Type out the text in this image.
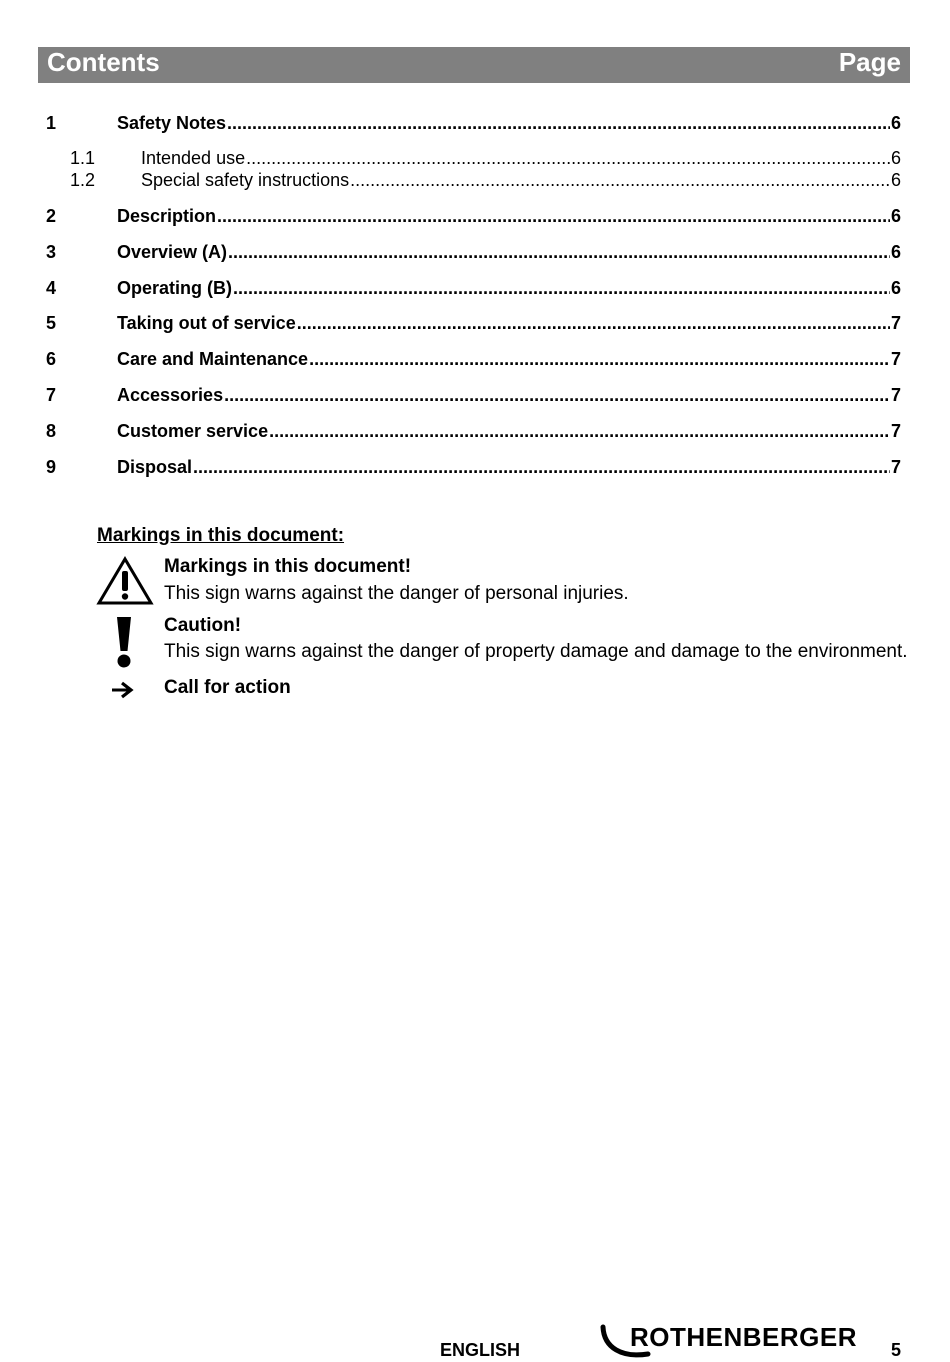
Contents	Page
1	Safety Notes .....	6
1.1	Intended use .....	6
1.2	Special safety instructions .....	6
2	Description .....	6
3	Overview (A) .....	6
4	Operating (B) .....	6
5	Taking out of service .....	7
6	Care and Maintenance .....	7
7	Accessories .....	7
8	Customer service .....	7
9	Disposal .....	7
Markings in this document:
Markings in this document!
This sign warns against the danger of personal injuries.
Caution!
This sign warns against the danger of property damage and damage to the environment.
Call for action
ENGLISH	ROTHENBERGER 5
